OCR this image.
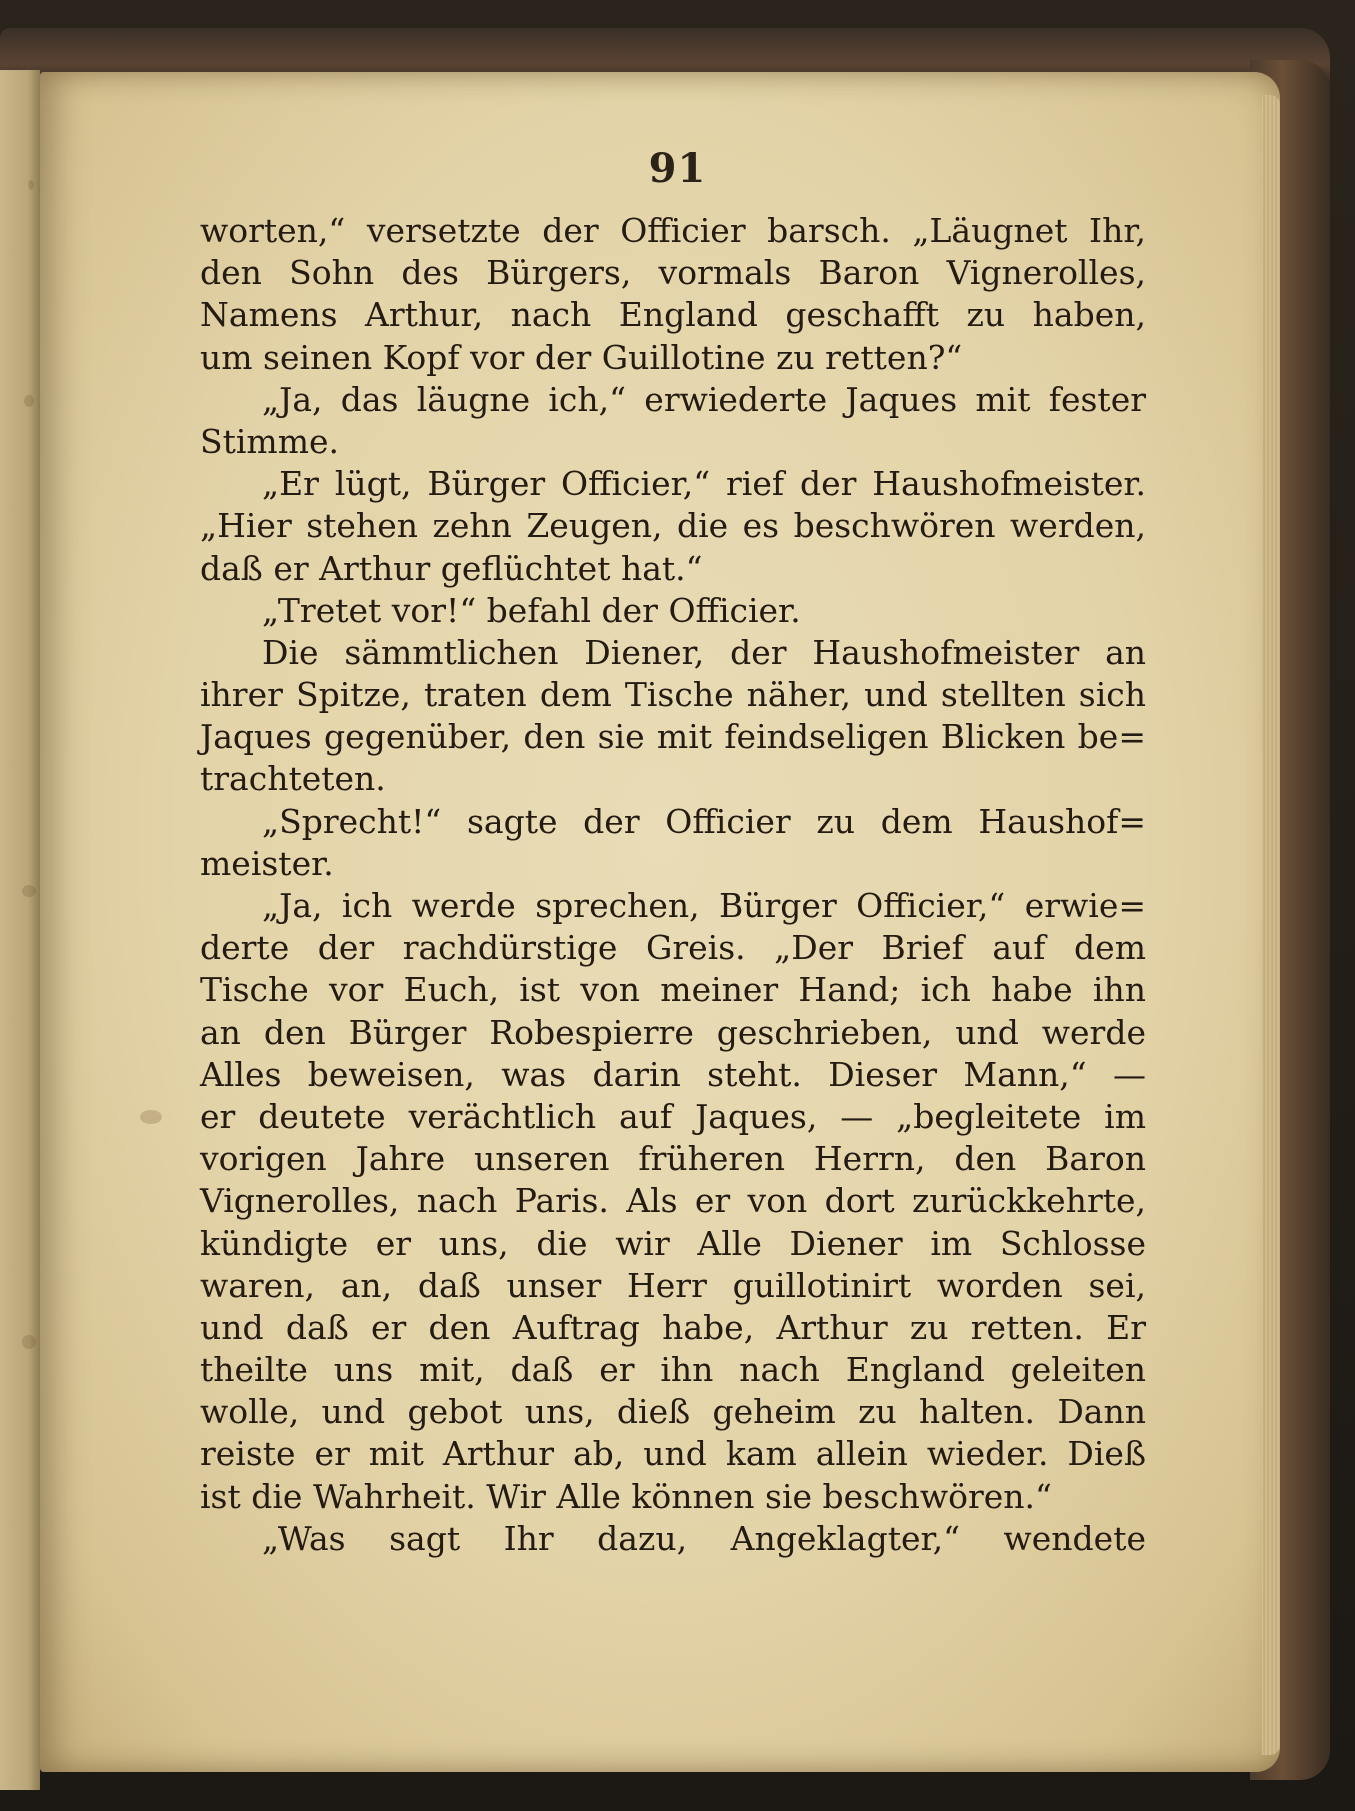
91
worten,“ versetzte der Officier barsch. „Läugnet Ihr,
den Sohn des Bürgers, vormals Baron Vignerolles,
Namens Arthur, nach England geschafft zu haben,
um seinen Kopf vor der Guillotine zu retten?“
„Ja, das läugne ich,“ erwiederte Jaques mit fester
Stimme.
„Er lügt, Bürger Officier,“ rief der Haushofmeister.
„Hier stehen zehn Zeugen, die es beschwören werden,
daß er Arthur geflüchtet hat.“
„Tretet vor!“ befahl der Officier.
Die sämmtlichen Diener, der Haushofmeister an
ihrer Spitze, traten dem Tische näher, und stellten sich
Jaques gegenüber, den sie mit feindseligen Blicken be=
trachteten.
„Sprecht!“ sagte der Officier zu dem Haushof=
meister.
„Ja, ich werde sprechen, Bürger Officier,“ erwie=
derte der rachdürstige Greis. „Der Brief auf dem
Tische vor Euch, ist von meiner Hand; ich habe ihn
an den Bürger Robespierre geschrieben, und werde
Alles beweisen, was darin steht. Dieser Mann,“ —
er deutete verächtlich auf Jaques, — „begleitete im
vorigen Jahre unseren früheren Herrn, den Baron
Vignerolles, nach Paris. Als er von dort zurückkehrte,
kündigte er uns, die wir Alle Diener im Schlosse
waren, an, daß unser Herr guillotinirt worden sei,
und daß er den Auftrag habe, Arthur zu retten. Er
theilte uns mit, daß er ihn nach England geleiten
wolle, und gebot uns, dieß geheim zu halten. Dann
reiste er mit Arthur ab, und kam allein wieder. Dieß
ist die Wahrheit. Wir Alle können sie beschwören.“
„Was sagt Ihr dazu, Angeklagter,“ wendete
